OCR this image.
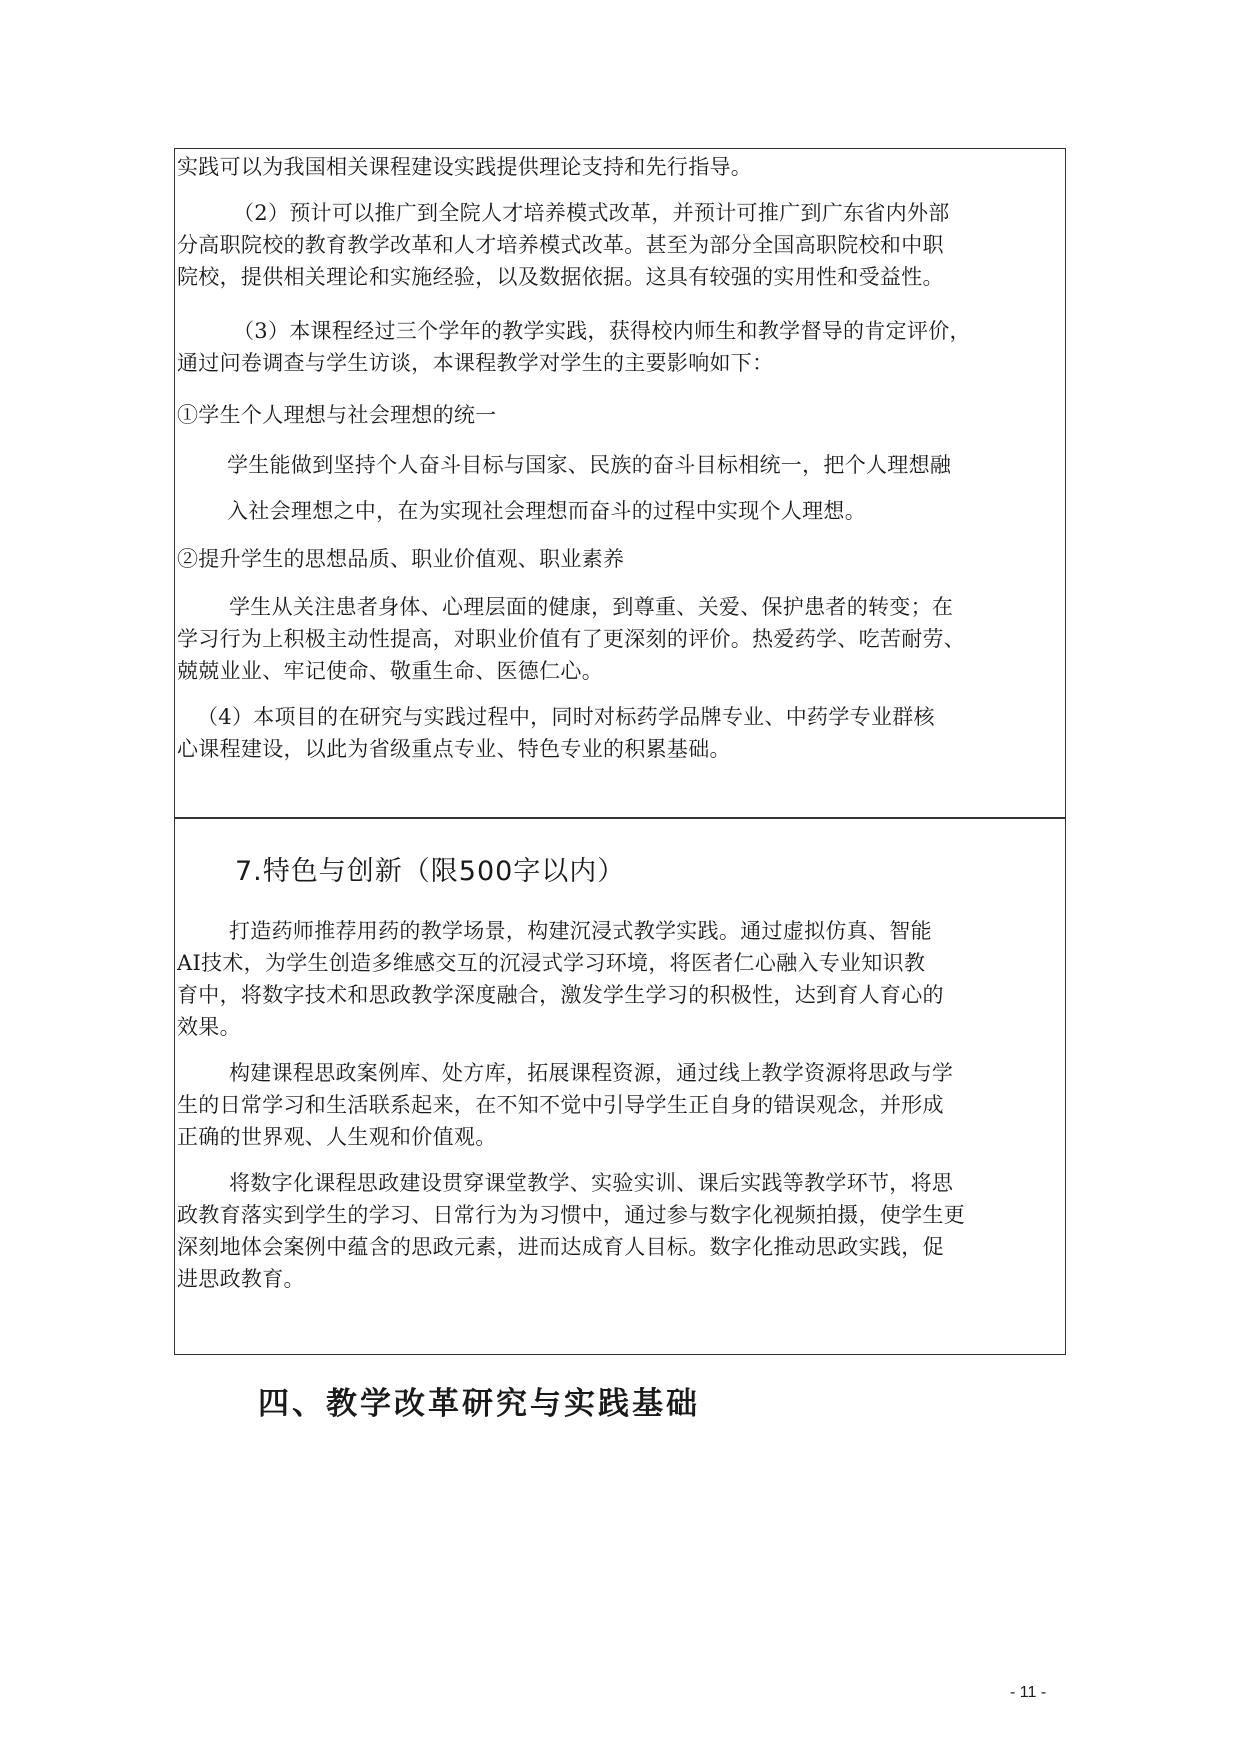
实践可以为我国相关课程建设实践提供理论支持和先行指导。

（2）预计可以推广到全院人才培养模式改革，并预计可推广到广东省内外部
分高职院校的教育教学改革和人才培养模式改革。甚至为部分全国高职院校和中职
院校，提供相关理论和实施经验，以及数据依据。这具有较强的实用性和受益性。

（3）本课程经过三个学年的教学实践，获得校内师生和教学督导的肯定评价，
通过问卷调查与学生访谈，本课程教学对学生的主要影响如下：

①学生个人理想与社会理想的统一

学生能做到坚持个人奋斗目标与国家、民族的奋斗目标相统一，把个人理想融

入社会理想之中，在为实现社会理想而奋斗的过程中实现个人理想。

②提升学生的思想品质、职业价值观、职业素养

学生从关注患者身体、心理层面的健康，到尊重、关爱、保护患者的转变；在
学习行为上积极主动性提高，对职业价值有了更深刻的评价。热爱药学、吃苦耐劳、
兢兢业业、牢记使命、敬重生命、医德仁心。

（4）本项目的在研究与实践过程中，同时对标药学品牌专业、中药学专业群核
心课程建设，以此为省级重点专业、特色专业的积累基础。

7.特色与创新（限500字以内）

打造药师推荐用药的教学场景，构建沉浸式教学实践。通过虚拟仿真、智能
AI技术，为学生创造多维感交互的沉浸式学习环境，将医者仁心融入专业知识教
育中，将数字技术和思政教学深度融合，激发学生学习的积极性，达到育人育心的
效果。

构建课程思政案例库、处方库，拓展课程资源，通过线上教学资源将思政与学
生的日常学习和生活联系起来，在不知不觉中引导学生正自身的错误观念，并形成
正确的世界观、人生观和价值观。

将数字化课程思政建设贯穿课堂教学、实验实训、课后实践等教学环节，将思
政教育落实到学生的学习、日常行为为习惯中，通过参与数字化视频拍摄，使学生更
深刻地体会案例中蕴含的思政元素，进而达成育人目标。数字化推动思政实践，促
进思政教育。

四、教学改革研究与实践基础
- 11 -
